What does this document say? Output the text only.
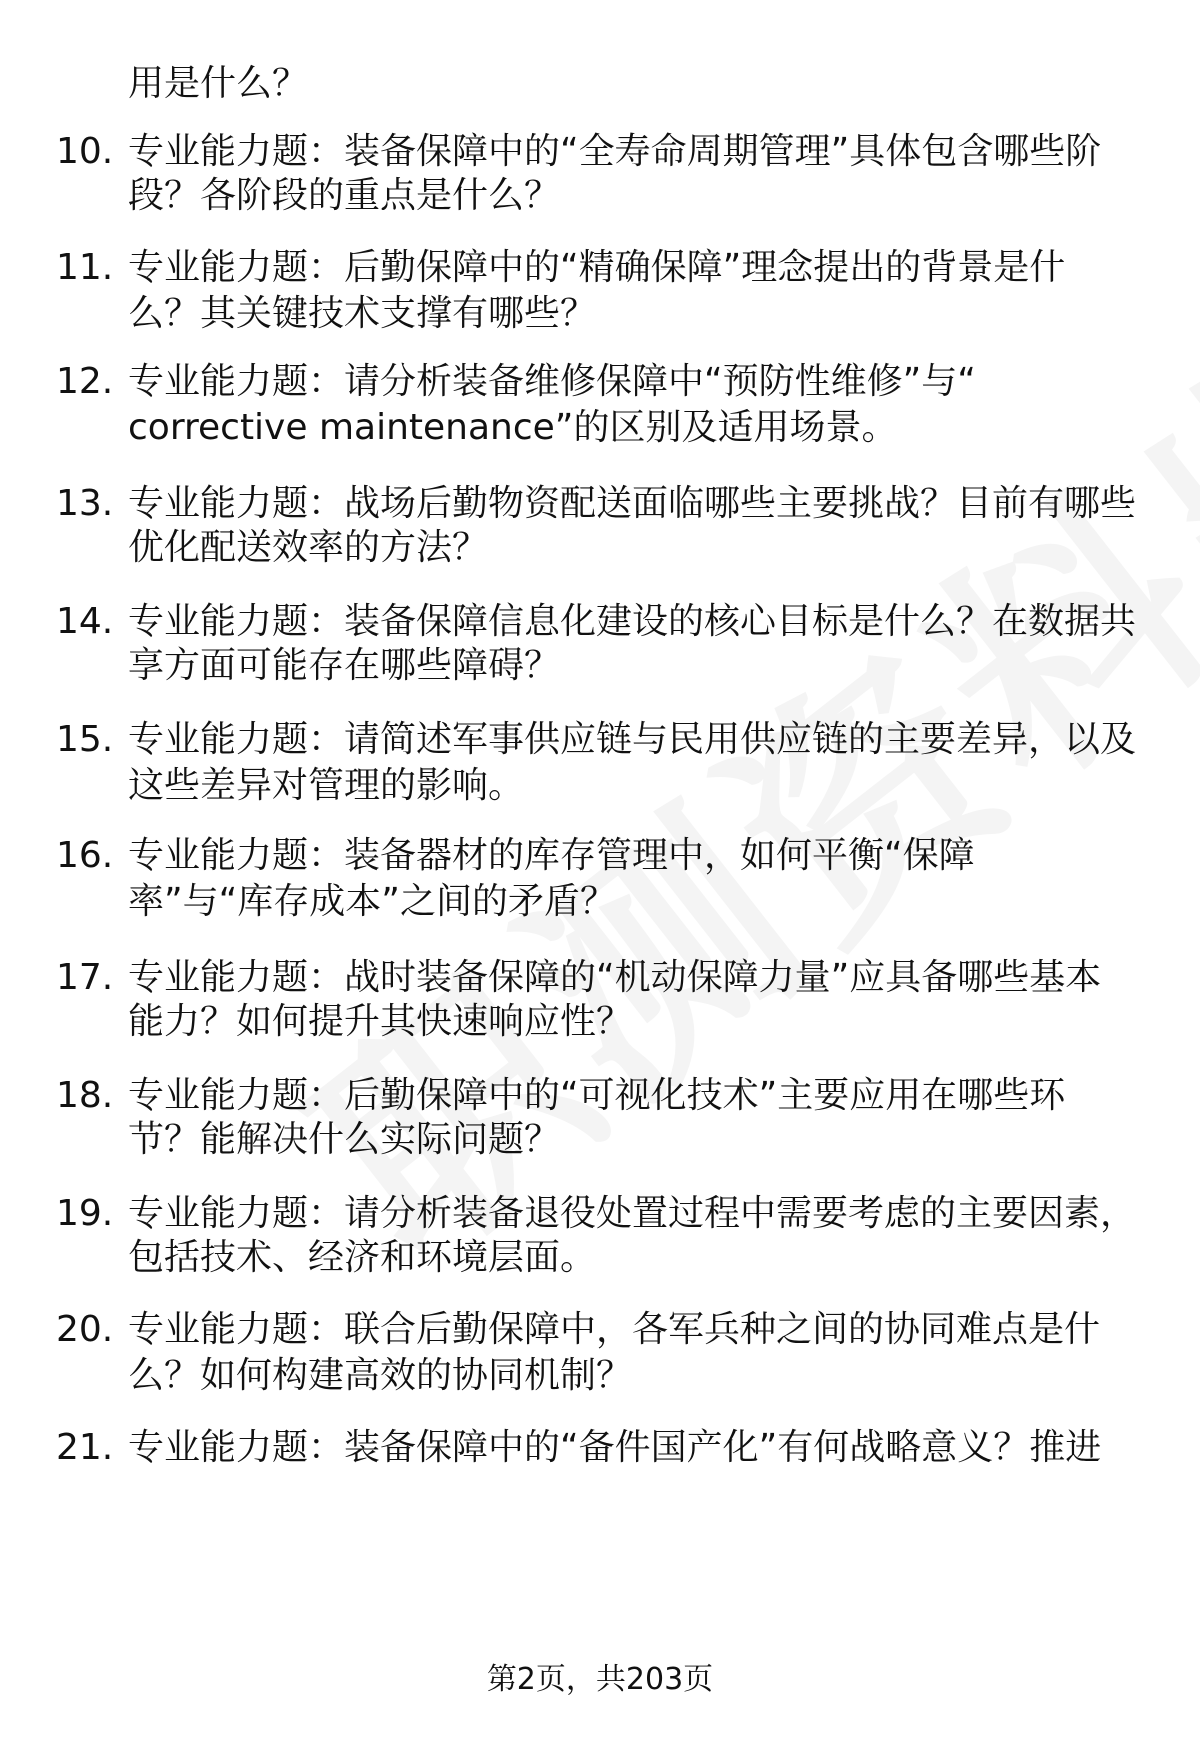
用是什么？
10. 专业能力题：装备保障中的“全寿命周期管理”具体包含哪些阶
段？各阶段的重点是什么？
11. 专业能力题：后勤保障中的“精确保障”理念提出的背景是什
么？其关键技术支撑有哪些？
12. 专业能力题：请分析装备维修保障中“预防性维修”与“
corrective maintenance”的区别及适用场景。
13. 专业能力题：战场后勤物资配送面临哪些主要挑战？目前有哪些
优化配送效率的方法？
14. 专业能力题：装备保障信息化建设的核心目标是什么？在数据共
享方面可能存在哪些障碍？
15. 专业能力题：请简述军事供应链与民用供应链的主要差异，以及
这些差异对管理的影响。
16. 专业能力题：装备器材的库存管理中，如何平衡“保障
率”与“库存成本”之间的矛盾？
17. 专业能力题：战时装备保障的“机动保障力量”应具备哪些基本
能力？如何提升其快速响应性？
18. 专业能力题：后勤保障中的“可视化技术”主要应用在哪些环
节？能解决什么实际问题？
19. 专业能力题：请分析装备退役处置过程中需要考虑的主要因素，
包括技术、经济和环境层面。
20. 专业能力题：联合后勤保障中，各军兵种之间的协同难点是什
么？如何构建高效的协同机制？
21. 专业能力题：装备保障中的“备件国产化”有何战略意义？推进
第2页，共203页
